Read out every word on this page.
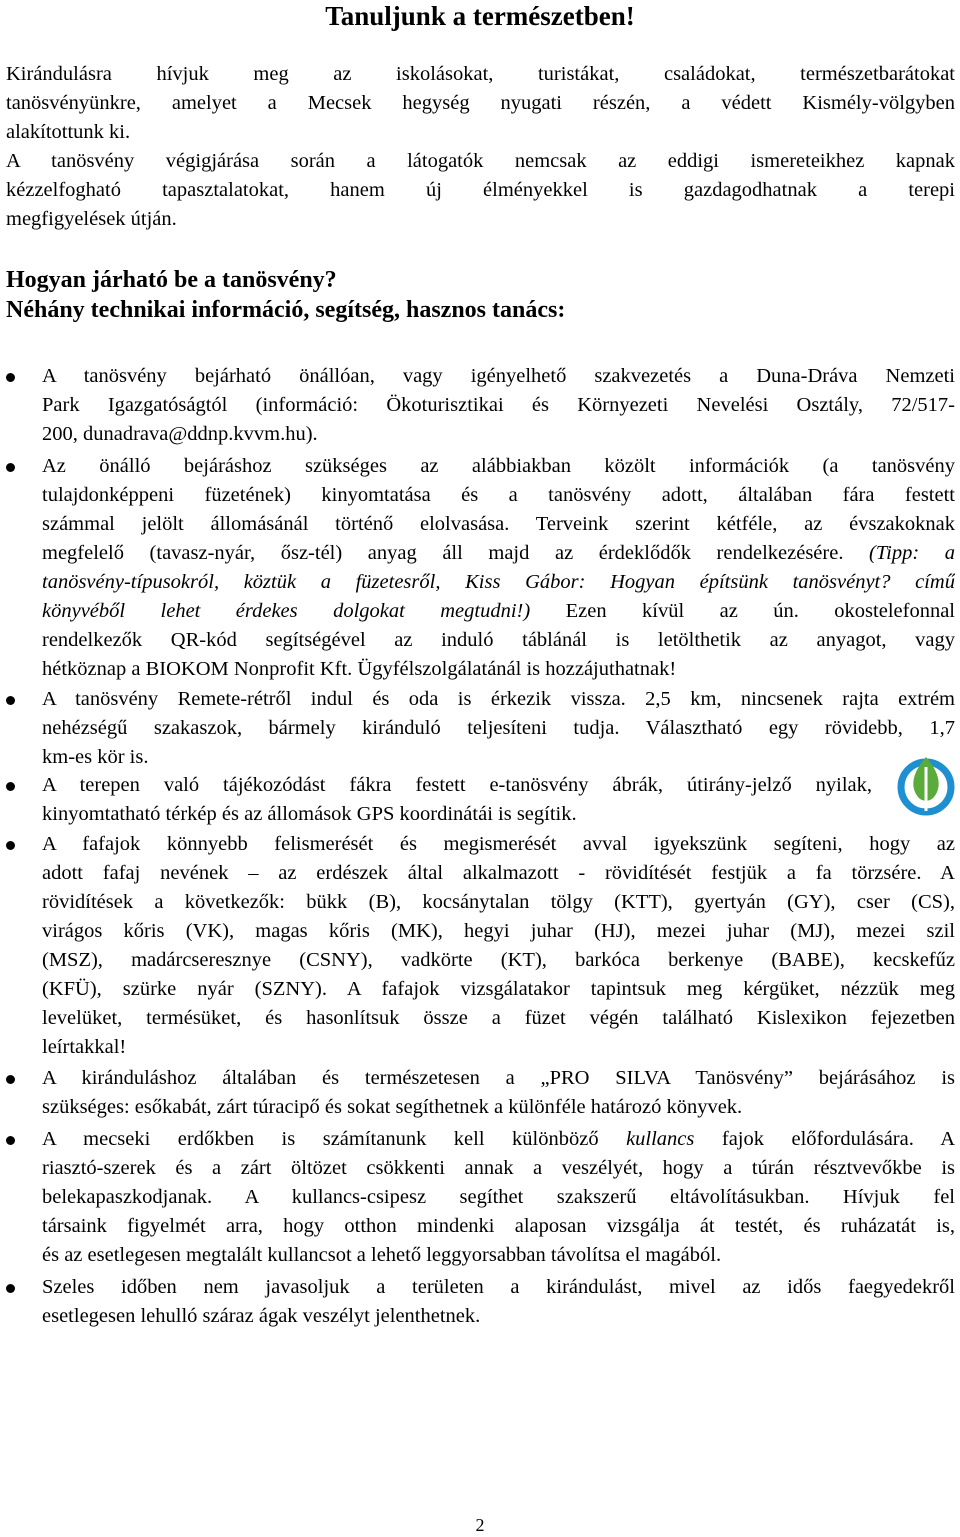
Tanuljunk a természetben!
Kirándulásra hívjuk meg az iskolásokat, turistákat, családokat, természetbarátokat
tanösvényünkre, amelyet a Mecsek hegység nyugati részén, a védett Kismély-völgyben
alakítottunk ki.
A tanösvény végigjárása során a látogatók nemcsak az eddigi ismereteikhez kapnak
kézzelfogható tapasztalatokat, hanem új élményekkel is gazdagodhatnak a terepi
megfigyelések útján.
Hogyan járható be a tanösvény?
Néhány technikai információ, segítség, hasznos tanács:
A tanösvény bejárható önállóan, vagy igényelhető szakvezetés a Duna-Dráva Nemzeti
Park Igazgatóságtól (információ: Ökoturisztikai és Környezeti Nevelési Osztály, 72/517-
200, dunadrava@ddnp.kvvm.hu).
Az önálló bejáráshoz szükséges az alábbiakban közölt információk (a tanösvény
tulajdonképpeni füzetének) kinyomtatása és a tanösvény adott, általában fára festett
számmal jelölt állomásánál történő elolvasása. Terveink szerint kétféle, az évszakoknak
megfelelő (tavasz-nyár, ősz-tél) anyag áll majd az érdeklődők rendelkezésére. (Tipp: a
tanösvény-típusokról, köztük a füzetesről, Kiss Gábor: Hogyan építsünk tanösvényt? című
könyvéből lehet érdekes dolgokat megtudni!) Ezen kívül az ún. okostelefonnal
rendelkezők QR-kód segítségével az induló táblánál is letölthetik az anyagot, vagy
hétköznap a BIOKOM Nonprofit Kft. Ügyfélszolgálatánál is hozzájuthatnak!
A tanösvény Remete-rétről indul és oda is érkezik vissza. 2,5 km, nincsenek rajta extrém
nehézségű szakaszok, bármely kiránduló teljesíteni tudja. Választható egy rövidebb, 1,7
km-es kör is.
A terepen való tájékozódást fákra festett e-tanösvény ábrák, útirány-jelző nyilak,
kinyomtatható térkép és az állomások GPS koordinátái is segítik.
A fafajok könnyebb felismerését és megismerését avval igyekszünk segíteni, hogy az
adott fafaj nevének – az erdészek által alkalmazott - rövidítését festjük a fa törzsére. A
rövidítések a következők: bükk (B), kocsánytalan tölgy (KTT), gyertyán (GY), cser (CS),
virágos kőris (VK), magas kőris (MK), hegyi juhar (HJ), mezei juhar (MJ), mezei szil
(MSZ), madárcseresznye (CSNY), vadkörte (KT), barkóca berkenye (BABE), kecskefűz
(KFÜ), szürke nyár (SZNY). A fafajok vizsgálatakor tapintsuk meg kérgüket, nézzük meg
levelüket, termésüket, és hasonlítsuk össze a füzet végén található Kislexikon fejezetben
leírtakkal!
A kiránduláshoz általában és természetesen a „PRO SILVA Tanösvény” bejárásához is
szükséges: esőkabát, zárt túracipő és sokat segíthetnek a különféle határozó könyvek.
A mecseki erdőkben is számítanunk kell különböző kullancs fajok előfordulására. A
riasztó-szerek és a zárt öltözet csökkenti annak a veszélyét, hogy a túrán résztvevőkbe is
belekapaszkodjanak. A kullancs-csipesz segíthet szakszerű eltávolításukban. Hívjuk fel
társaink figyelmét arra, hogy otthon mindenki alaposan vizsgálja át testét, és ruházatát is,
és az esetlegesen megtalált kullancsot a lehető leggyorsabban távolítsa el magából.
Szeles időben nem javasoljuk a területen a kirándulást, mivel az idős faegyedekről
esetlegesen lehulló száraz ágak veszélyt jelenthetnek.
2
